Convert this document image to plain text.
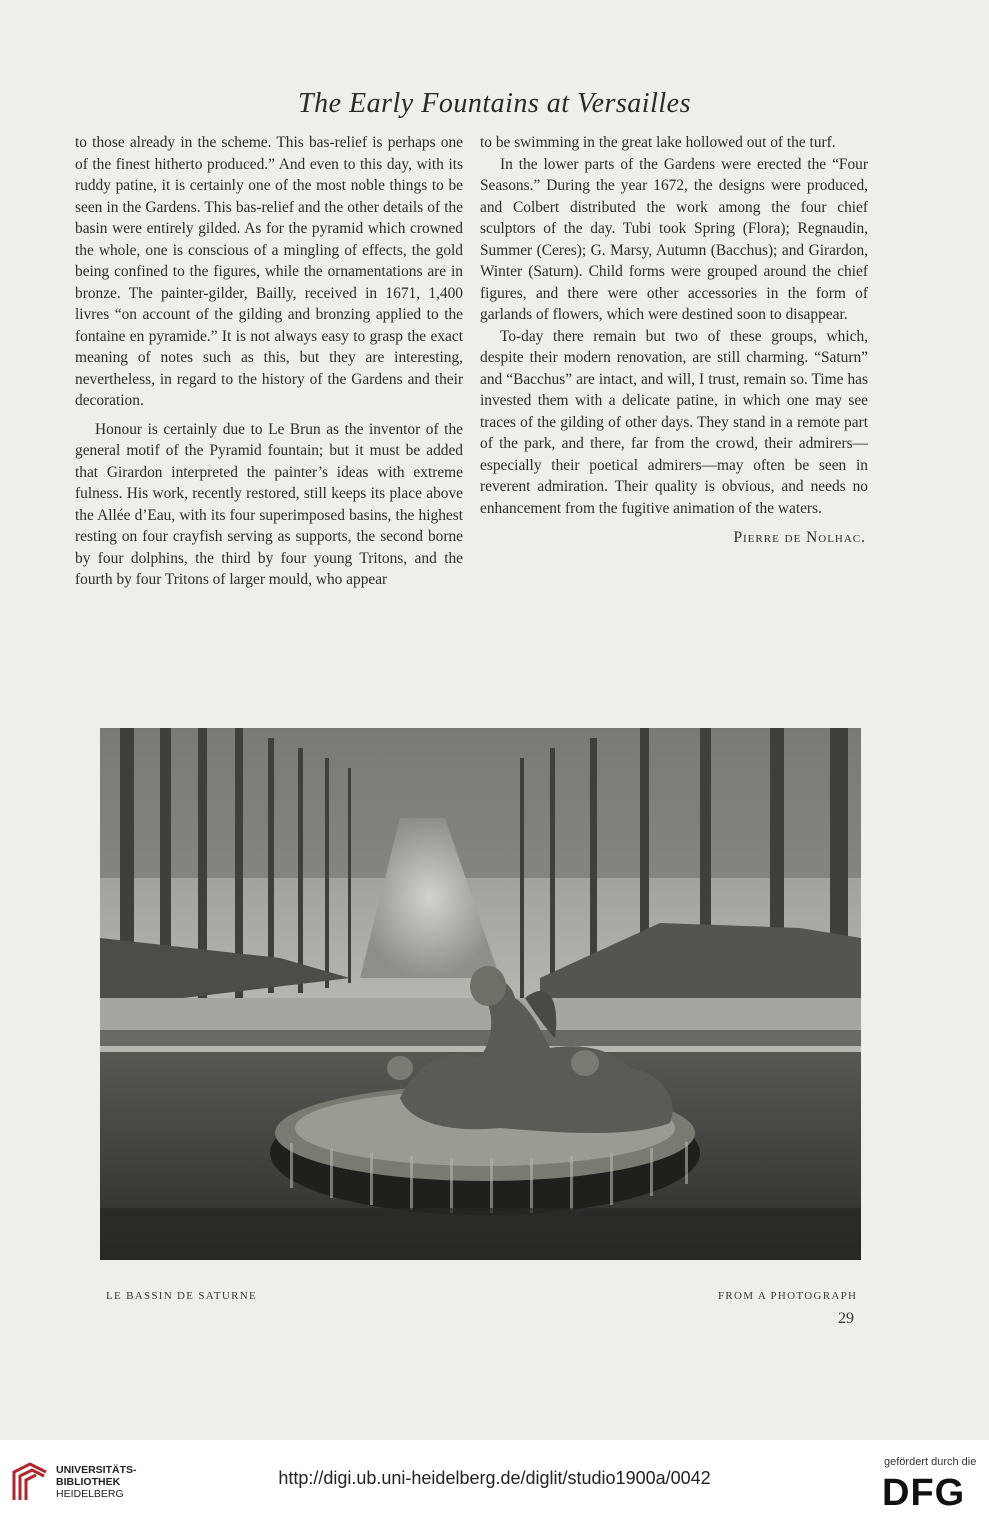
The Early Fountains at Versailles

to those already in the scheme. This bas-relief is perhaps one of the finest hitherto produced.” And even to this day, with its ruddy patine, it is certainly one of the most noble things to be seen in the Gardens. This bas-relief and the other details of the basin were entirely gilded. As for the pyramid which crowned the whole, one is conscious of a mingling of effects, the gold being confined to the figures, while the ornamentations are in bronze. The painter-gilder, Bailly, received in 1671, 1,400 livres “on account of the gilding and bronzing applied to the fontaine en pyramide.” It is not always easy to grasp the exact meaning of notes such as this, but they are interesting, nevertheless, in regard to the history of the Gardens and their decoration.

Honour is certainly due to Le Brun as the inventor of the general motif of the Pyramid fountain; but it must be added that Girardon interpreted the painter’s ideas with extreme fulness. His work, recently restored, still keeps its place above the Allée d’Eau, with its four superimposed basins, the highest resting on four crayfish serving as supports, the second borne by four dolphins, the third by four young Tritons, and the fourth by four Tritons of larger mould, who appear

to be swimming in the great lake hollowed out of the turf.

In the lower parts of the Gardens were erected the “Four Seasons.” During the year 1672, the designs were produced, and Colbert distributed the work among the four chief sculptors of the day. Tubi took Spring (Flora); Regnaudin, Summer (Ceres); G. Marsy, Autumn (Bacchus); and Girardon, Winter (Saturn). Child forms were grouped around the chief figures, and there were other accessories in the form of garlands of flowers, which were destined soon to disappear.

To-day there remain but two of these groups, which, despite their modern renovation, are still charming. “Saturn” and “Bacchus” are intact, and will, I trust, remain so. Time has invested them with a delicate patine, in which one may see traces of the gilding of other days. They stand in a remote part of the park, and there, far from the crowd, their admirers—especially their poetical admirers—may often be seen in reverent admiration. Their quality is obvious, and needs no enhancement from the fugitive animation of the waters.

Pierre de Nolhac.
LE BASSIN DE SATURNE	FROM A PHOTOGRAPH
29
UNIVERSITÄTS-
BIBLIOTHEK
HEIDELBERG
http://digi.ub.uni-heidelberg.de/diglit/studio1900a/0042
gefördert durch die
DFG
